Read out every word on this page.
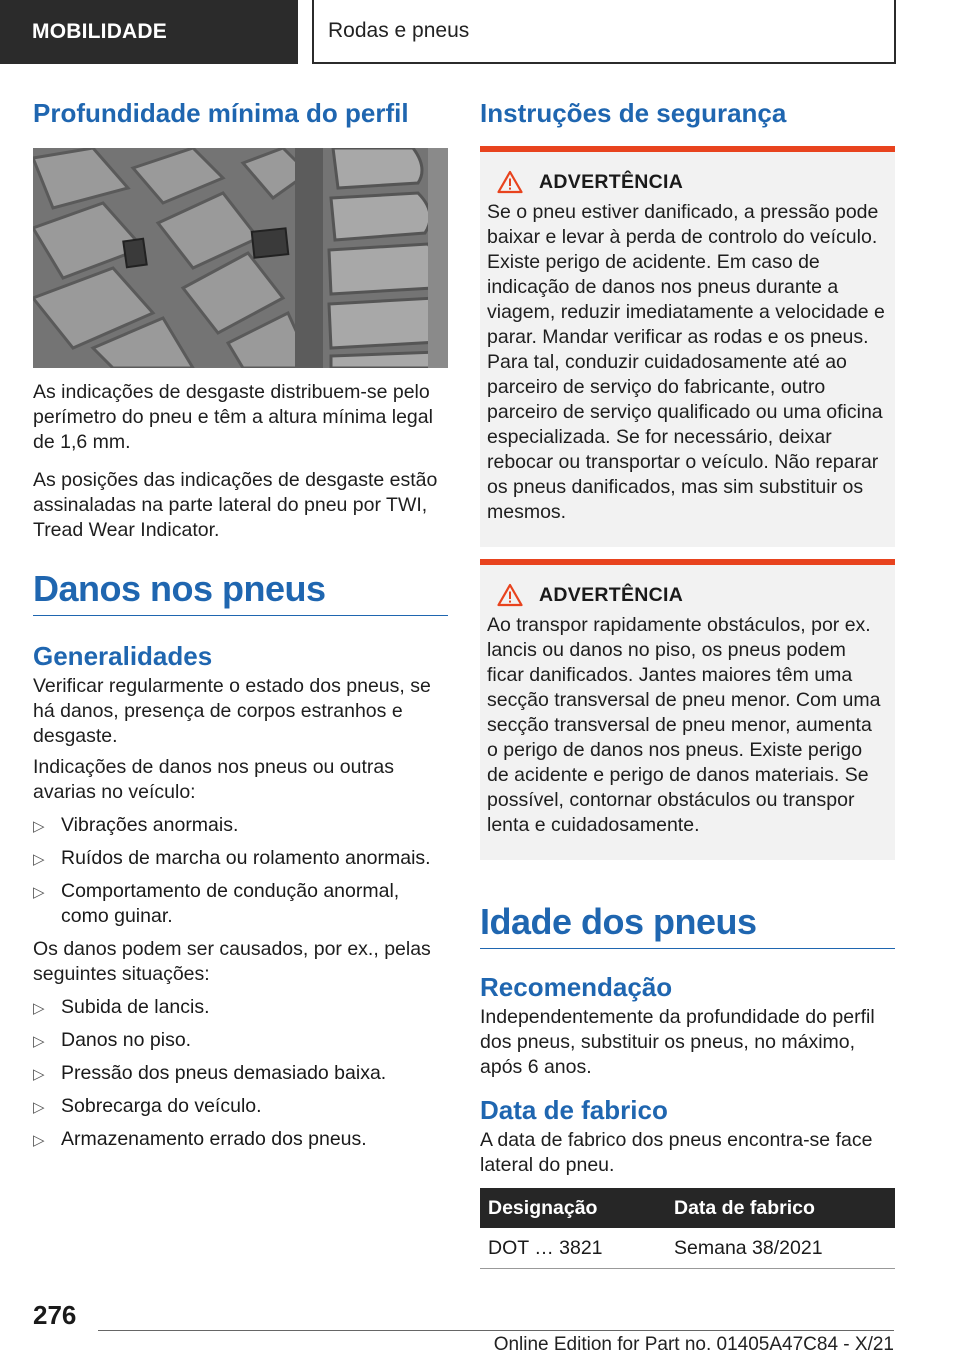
MOBILIDADE	Rodas e pneus
Profundidade mínima do perfil

As indicações de desgaste distribuem-se pelo perímetro do pneu e têm a altura mínima legal de 1,6 mm.

As posições das indicações de desgaste estão assinaladas na parte lateral do pneu por TWI, Tread Wear Indicator.

Danos nos pneus
Generalidades

Verificar regularmente o estado dos pneus, se há danos, presença de corpos estranhos e desgaste.

Indicações de danos nos pneus ou outras avarias no veículo:

▷ Vibrações anormais.
▷ Ruídos de marcha ou rolamento anormais.
▷ Comportamento de condução anormal, como guinar.

Os danos podem ser causados, por ex., pelas seguintes situações:

▷ Subida de lancis.
▷ Danos no piso.
▷ Pressão dos pneus demasiado baixa.
▷ Sobrecarga do veículo.
▷ Armazenamento errado dos pneus.
Instruções de segurança
ADVERTÊNCIA

Se o pneu estiver danificado, a pressão pode baixar e levar à perda de controlo do veículo. Existe perigo de acidente. Em caso de indicação de danos nos pneus durante a viagem, reduzir imediatamente a velocidade e parar. Mandar verificar as rodas e os pneus. Para tal, conduzir cuidadosamente até ao parceiro de serviço do fabricante, outro parceiro de serviço qualificado ou uma oficina especializada. Se for necessário, deixar rebocar ou transportar o veículo. Não reparar os pneus danificados, mas sim substituir os mesmos.

ADVERTÊNCIA

Ao transpor rapidamente obstáculos, por ex. lancis ou danos no piso, os pneus podem ficar danificados. Jantes maiores têm uma secção transversal de pneu menor. Com uma secção transversal de pneu menor, aumenta o perigo de danos nos pneus. Existe perigo de acidente e perigo de danos materiais. Se possível, contornar obstáculos ou transpor lenta e cuidadosamente.

Idade dos pneus
Recomendação

Independentemente da profundidade do perfil dos pneus, substituir os pneus, no máximo, após 6 anos.

Data de fabrico

A data de fabrico dos pneus encontra-se face lateral do pneu.

Designação	Data de fabrico
DOT … 3821	Semana 38/2021
276
Online Edition for Part no. 01405A47C84 - X/21
